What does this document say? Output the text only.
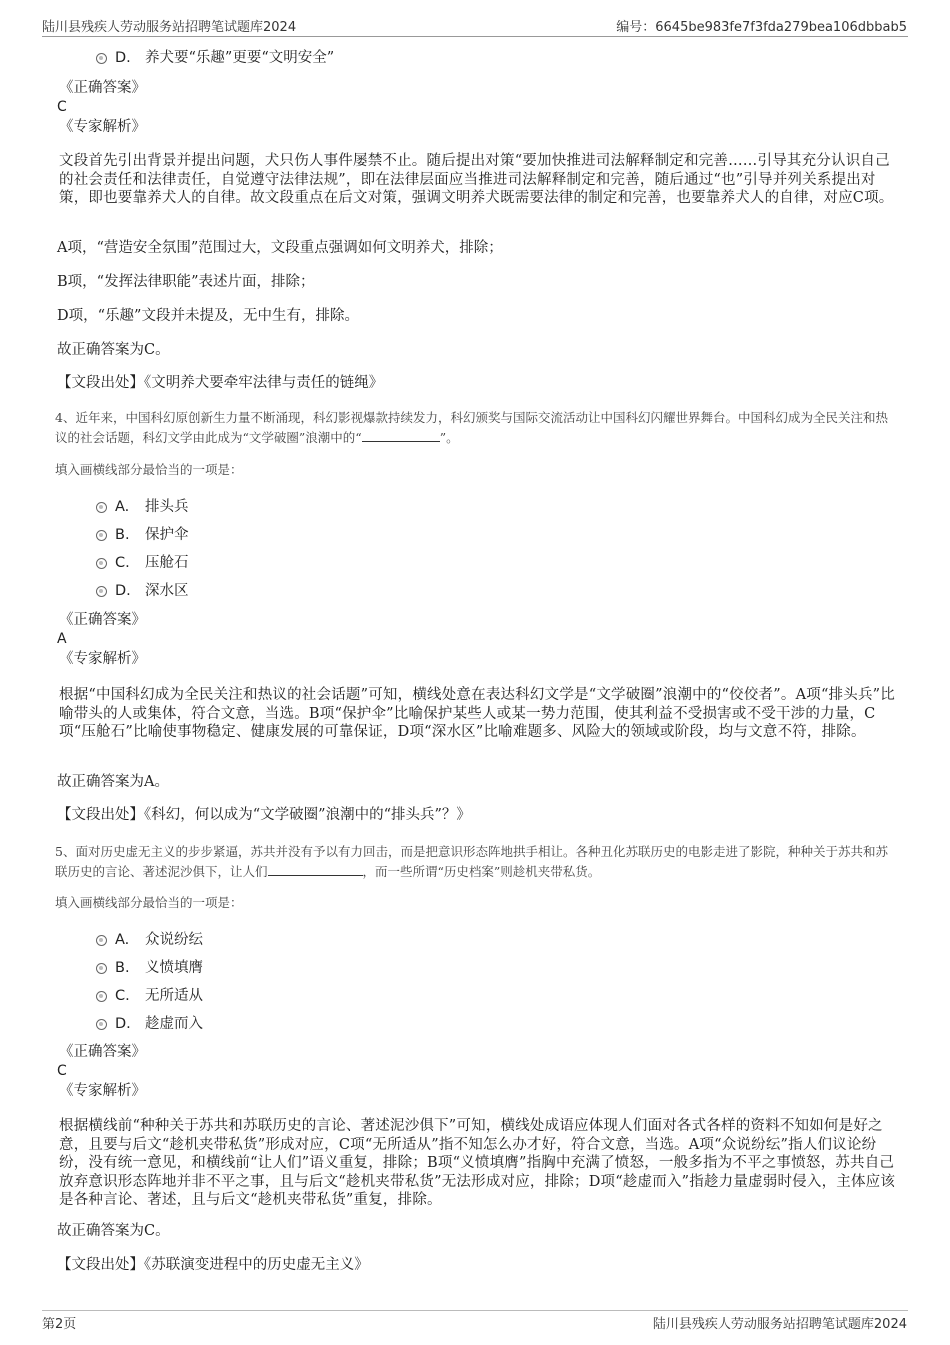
陆川县残疾人劳动服务站招聘笔试题库2024	编号：6645be983fe7f3fda279bea106dbbab5
D. 养犬要“乐趣”更要“文明安全”
《正确答案》
C
《专家解析》
文段首先引出背景并提出问题，犬只伤人事件屡禁不止。随后提出对策“要加快推进司法解释制定和完善……引导其充分认识自己的社会责任和法律责任，自觉遵守法律法规”，即在法律层面应当推进司法解释制定和完善，随后通过“也”引导并列关系提出对策，即也要靠养犬人的自律。故文段重点在后文对策，强调文明养犬既需要法律的制定和完善，也要靠养犬人的自律，对应C项。
A项，“营造安全氛围”范围过大，文段重点强调如何文明养犬，排除；
B项，“发挥法律职能”表述片面，排除；
D项，“乐趣”文段并未提及，无中生有，排除。
故正确答案为C。
【文段出处】《文明养犬要牵牢法律与责任的链绳》
4、近年来，中国科幻原创新生力量不断涌现，科幻影视爆款持续发力，科幻颁奖与国际交流活动让中国科幻闪耀世界舞台。中国科幻成为全民关注和热议的社会话题，科幻文学由此成为“文学破圈”浪潮中的“	”。
填入画横线部分最恰当的一项是：
A.	排头兵
B.	保护伞
C.	压舱石
D. 深水区
《正确答案》
A
《专家解析》
根据“中国科幻成为全民关注和热议的社会话题”可知，横线处意在表达科幻文学是“文学破圈”浪潮中的“佼佼者”。A项“排头兵”比喻带头的人或集体，符合文意，当选。B项“保护伞”比喻保护某些人或某一势力范围，使其利益不受损害或不受干涉的力量，C项“压舱石”比喻使事物稳定、健康发展的可靠保证，D项“深水区”比喻难题多、风险大的领域或阶段，均与文意不符，排除。
故正确答案为A。
【文段出处】《科幻，何以成为“文学破圈”浪潮中的“排头兵”？》
5、面对历史虚无主义的步步紧逼，苏共并没有予以有力回击，而是把意识形态阵地拱手相让。各种丑化苏联历史的电影走进了影院，种种关于苏共和苏联历史的言论、著述泥沙俱下，让人们	，而一些所谓“历史档案”则趁机夹带私货。
填入画横线部分最恰当的一项是：
A.	众说纷纭
B.	义愤填膺
C.	无所适从
D. 趁虚而入
《正确答案》
C
《专家解析》
根据横线前“种种关于苏共和苏联历史的言论、著述泥沙俱下”可知，横线处成语应体现人们面对各式各样的资料不知如何是好之意，且要与后文“趁机夹带私货”形成对应，C项“无所适从”指不知怎么办才好，符合文意，当选。A项“众说纷纭”指人们议论纷纷，没有统一意见，和横线前“让人们”语义重复，排除；B项“义愤填膺”指胸中充满了愤怒，一般多指为不平之事愤怒，苏共自己放弃意识形态阵地并非不平之事，且与后文“趁机夹带私货”无法形成对应，排除；D项“趁虚而入”指趁力量虚弱时侵入，主体应该是各种言论、著述，且与后文“趁机夹带私货”重复，排除。
故正确答案为C。
【文段出处】《苏联演变进程中的历史虚无主义》
第2页	陆川县残疾人劳动服务站招聘笔试题库2024
